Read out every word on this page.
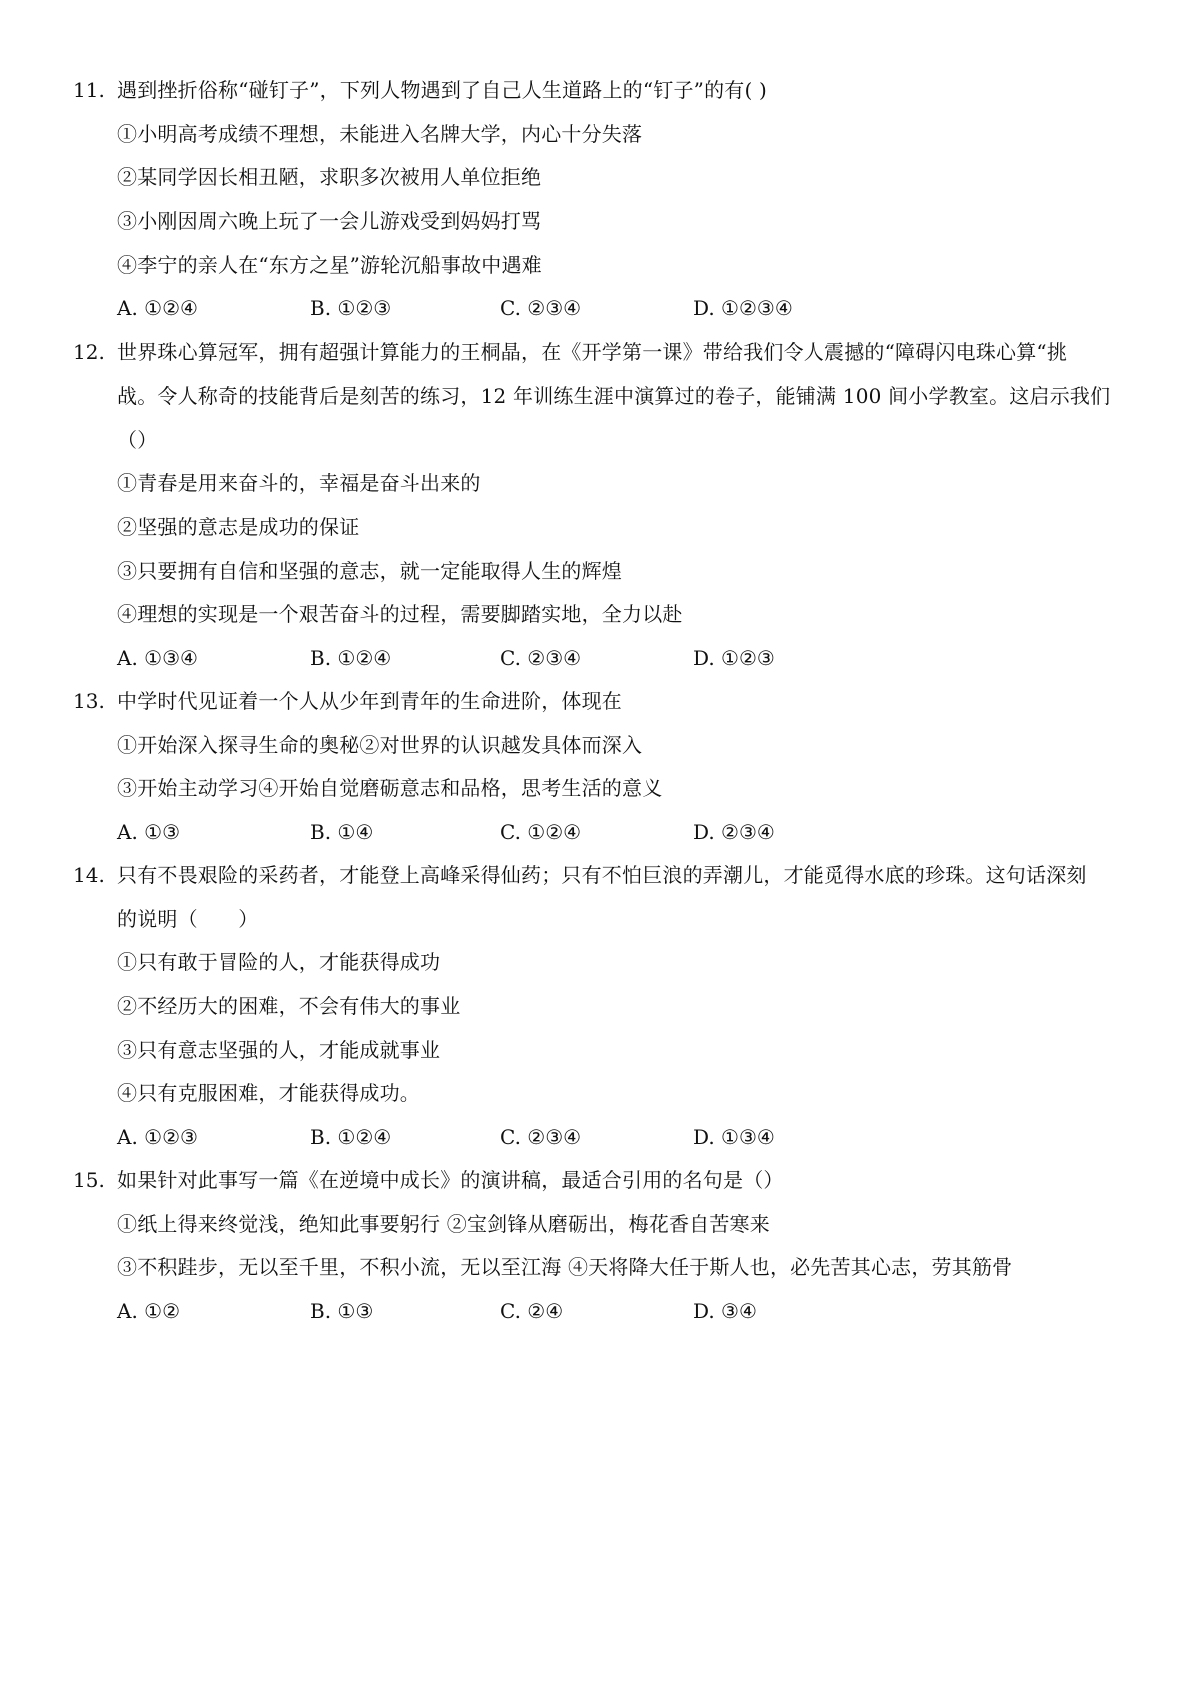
11. 遇到挫折俗称“碰钉子”，下列人物遇到了自己人生道路上的“钉子”的有( )
①小明高考成绩不理想，未能进入名牌大学，内心十分失落
②某同学因长相丑陋，求职多次被用人单位拒绝
③小刚因周六晚上玩了一会儿游戏受到妈妈打骂
④李宁的亲人在“东方之星”游轮沉船事故中遇难
A. ①②④	B. ①②③	C. ②③④	D. ①②③④
12. 世界珠心算冠军，拥有超强计算能力的王桐晶，在《开学第一课》带给我们令人震撼的“障碍闪电珠心算“挑
战。令人称奇的技能背后是刻苦的练习，12 年训练生涯中演算过的卷子，能铺满 100 间小学教室。这启示我们
（）
①青春是用来奋斗的，幸福是奋斗出来的
②坚强的意志是成功的保证
③只要拥有自信和坚强的意志，就一定能取得人生的辉煌
④理想的实现是一个艰苦奋斗的过程，需要脚踏实地，全力以赴
A. ①③④	B. ①②④	C. ②③④	D. ①②③
13. 中学时代见证着一个人从少年到青年的生命进阶，体现在
①开始深入探寻生命的奥秘②对世界的认识越发具体而深入
③开始主动学习④开始自觉磨砺意志和品格，思考生活的意义
A. ①③	B. ①④	C. ①②④	D. ②③④
14. 只有不畏艰险的采药者，才能登上高峰采得仙药；只有不怕巨浪的弄潮儿，才能觅得水底的珍珠。这句话深刻
的说明（　　）
①只有敢于冒险的人，才能获得成功
②不经历大的困难，不会有伟大的事业
③只有意志坚强的人，才能成就事业
④只有克服困难，才能获得成功。
A. ①②③	B. ①②④	C. ②③④	D. ①③④
15. 如果针对此事写一篇《在逆境中成长》的演讲稿，最适合引用的名句是（）
①纸上得来终觉浅，绝知此事要躬行 ②宝剑锋从磨砺出，梅花香自苦寒来
③不积跬步，无以至千里，不积小流，无以至江海 ④天将降大任于斯人也，必先苦其心志，劳其筋骨
A. ①②	B. ①③	C. ②④	D. ③④
